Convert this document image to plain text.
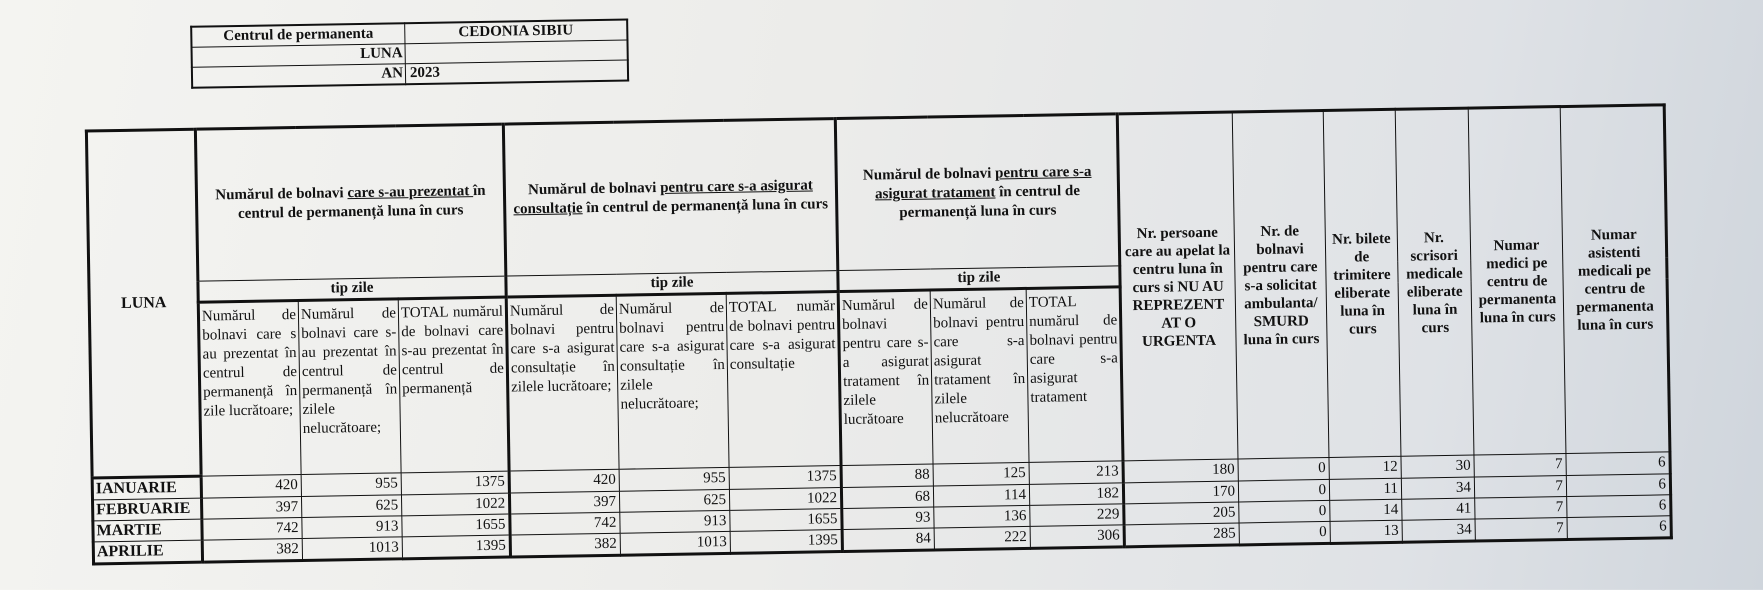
Centrul de permanenta	CEDONIA SIBIU
LUNA	
AN	2023
LUNA	Numărul de bolnavi care s-au prezentat în centrul de permanență luna în curs			Numărul de bolnavi pentru care s-a asigurat consultație în centrul de permanență luna în curs			Numărul de bolnavi pentru care s-a asigurat tratament în centrul de permanență luna în curs			Nr. persoane care au apelat la centru luna în curs si NU AU REPREZENT AT O URGENTA	Nr. de bolnavi pentru care s-a solicitat ambulanta/ SMURD luna în curs	Nr. bilete de trimitere eliberate luna în curs	Nr. scrisori medicale eliberate luna în curs	Numar medici pe centru de permanenta luna în curs	Numar asistenti medicali pe centru de permanenta luna în curs
	tip zile			tip zile			tip zile								
	Numărul de bolnavi care s au prezentat în centrul de permanență în zile lucrătoare;	Numărul de bolnavi care s-au prezentat în centrul de permanență în zilele nelucrătoare;	TOTAL numărul de bolnavi care s-au prezentat în centrul de permanență	Numărul de bolnavi pentru care s-a asigurat consultație în zilele lucrătoare;	Numărul de bolnavi pentru care s-a asigurat consultație în zilele nelucrătoare;	TOTAL număr de bolnavi pentru care s-a asigurat consultație	Numărul de bolnavi pentru care s-a asigurat tratament în zilele lucrătoare	Numărul de bolnavi pentru care s-a asigurat tratament în zilele nelucrătoare	TOTAL numărul de bolnavi pentru care s-a asigurat tratament						
IANUARIE	420	955	1375	420	955	1375	88	125	213	180	0	12	30	7	6
FEBRUARIE	397	625	1022	397	625	1022	68	114	182	170	0	11	34	7	6
MARTIE	742	913	1655	742	913	1655	93	136	229	205	0	14	41	7	6
APRILIE	382	1013	1395	382	1013	1395	84	222	306	285	0	13	34	7	6
